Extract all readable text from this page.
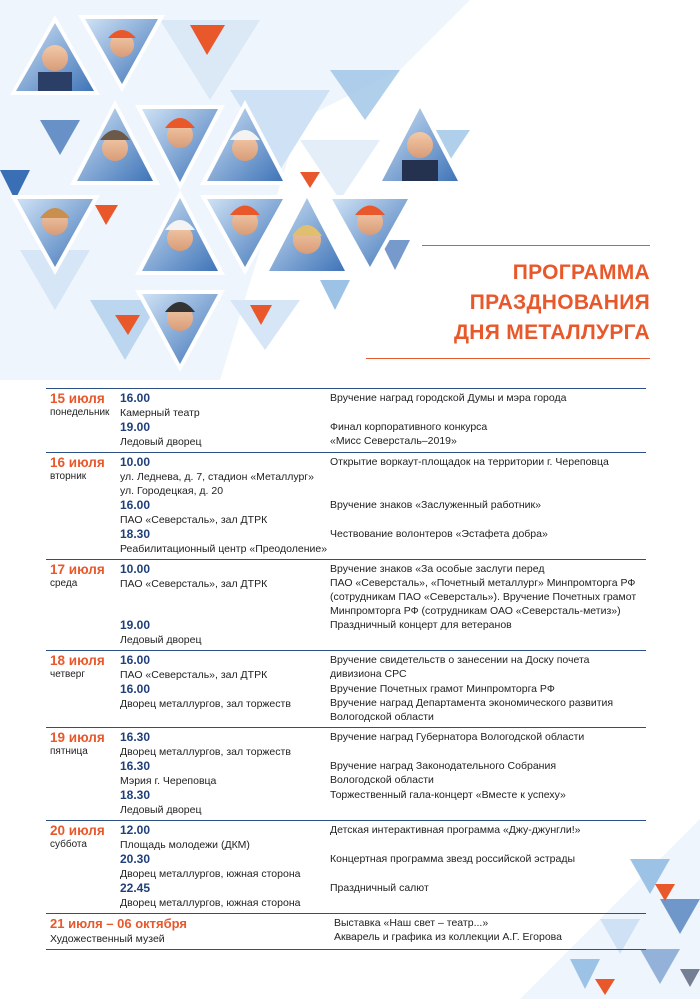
ПРОГРАММА
ПРАЗДНОВАНИЯ
ДНЯ МЕТАЛЛУРГА
15 июля
понедельник
16.00
Камерный театр
Вручение наград городской Думы и мэра города
19.00
Ледовый дворец
Финал корпоративного конкурса
«Мисс Северсталь–2019»
16 июля
вторник
10.00
ул. Леднева, д. 7, стадион «Металлург»
ул. Городецкая, д. 20
Открытие воркаут-площадок на территории г. Череповца
16.00
ПАО «Северсталь», зал ДТРК
Вручение знаков «Заслуженный работник»
18.30
Реабилитационный центр «Преодоление»
Чествование волонтеров «Эстафета добра»
17 июля
среда
10.00
ПАО «Северсталь», зал ДТРК
Вручение знаков «За особые заслуги перед
ПАО «Северсталь», «Почетный металлург» Минпромторга РФ
(сотрудникам ПАО «Северсталь»). Вручение Почетных грамот
Минпромторга РФ (сотрудникам ОАО «Северсталь-метиз»)
19.00
Ледовый дворец
Праздничный концерт для ветеранов
18 июля
четверг
16.00
ПАО «Северсталь», зал ДТРК
Вручение свидетельств о занесении на Доску почета
дивизиона СРС
16.00
Дворец металлургов, зал торжеств
Вручение Почетных грамот Минпромторга РФ
Вручение наград Департамента экономического развития
Вологодской области
19 июля
пятница
16.30
Дворец металлургов, зал торжеств
Вручение наград Губернатора Вологодской области
16.30
Мэрия г. Череповца
Вручение наград Законодательного Собрания
Вологодской области
18.30
Ледовый дворец
Торжественный гала-концерт «Вместе к успеху»
20 июля
суббота
12.00
Площадь молодежи (ДКМ)
Детская интерактивная программа «Джу-джунгли!»
20.30
Дворец металлургов, южная сторона
Концертная программа звезд российской эстрады
22.45
Дворец металлургов, южная сторона
Праздничный салют
21 июля – 06 октября
Художественный музей
Выставка «Наш свет – театр...»
Акварель и графика из коллекции А.Г. Егорова
